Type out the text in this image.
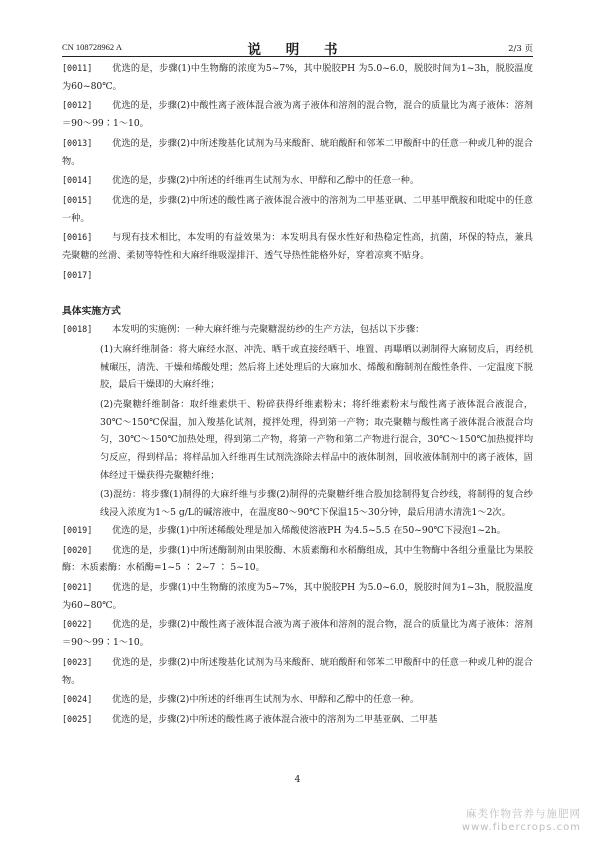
CN 108728962 A	说 明 书	2/3 页

[0011] 优选的是，步骤(1)中生物酶的浓度为5~7%，其中脱胶PH 为5.0~6.0，脱胶时间为1~3h，脱胶温度为60~80℃。

[0012] 优选的是，步骤(2)中酸性离子液体混合液为离子液体和溶剂的混合物，混合的质量比为离子液体：溶剂＝90～99∶1～10。

[0013] 优选的是，步骤(2)中所述羧基化试剂为马来酸酐、琥珀酸酐和邻苯二甲酸酐中的任意一种或几种的混合物。

[0014] 优选的是，步骤(2)中所述的纤维再生试剂为水、甲醇和乙醇中的任意一种。

[0015] 优选的是，步骤(2)中所述的酸性离子液体混合液中的溶剂为二甲基亚砜、二甲基甲酰胺和吡啶中的任意一种。

[0016] 与现有技术相比，本发明的有益效果为：本发明具有保水性好和热稳定性高，抗菌，环保的特点，兼具壳聚糖的丝滑、柔韧等特性和大麻纤维吸湿排汗、透气导热性能格外好，穿着凉爽不贴身。

[0017]

具体实施方式

[0018] 本发明的实施例：一种大麻纤维与壳聚糖混纺纱的生产方法，包括以下步骤：

(1)大麻纤维制备：将大麻经水沤、冲洗、晒干或直接经晒干、堆置、再曝晒以剥制得大麻韧皮后，再经机械碾压，清洗、干燥和烯酸处理；然后将上述处理后的大麻加水、烯酸和酶制剂在酸性条件、一定温度下脱胶，最后干燥即的大麻纤维；

(2)壳聚糖纤维制备：取纤维素烘干、粉碎获得纤维素粉末；将纤维素粉末与酸性离子液体混合液混合，30℃～150℃保温，加入羧基化试剂，搅拌处理，得到第一产物；取壳聚糖与酸性离子液体混合液混合均匀，30℃～150℃加热处理，得到第二产物，将第一产物和第二产物进行混合，30℃～150℃加热搅拌均匀反应，得到样品；将样品加入纤维再生试剂洗涤除去样品中的液体制剂，回收液体制剂中的离子液体，固体经过干燥获得壳聚糖纤维；

(3)混纺：将步骤(1)制得的大麻纤维与步骤(2)制得的壳聚糖纤维合股加捻制得复合纱线，将制得的复合纱线浸入浓度为1～5 g/L的碱溶液中，在温度80～90℃下保温15～30分钟，最后用清水清洗1～2次。

[0019] 优选的是，步骤(1)中所述稀酸处理是加入烯酸使溶液PH 为4.5~5.5 在50~90℃下浸泡1~2h。

[0020] 优选的是，步骤(1)中所述酶制剂由果胶酶、木质素酶和水稻酶组成，其中生物酶中各组分重量比为果胶酶：木质素酶：水稻酶=1~5 ∶ 2~7 ∶ 5~10。

[0021] 优选的是，步骤(1)中生物酶的浓度为5~7%，其中脱胶PH 为5.0~6.0，脱胶时间为1~3h，脱胶温度为60~80℃。

[0022] 优选的是，步骤(2)中酸性离子液体混合液为离子液体和溶剂的混合物，混合的质量比为离子液体：溶剂＝90～99∶1～10。

[0023] 优选的是，步骤(2)中所述羧基化试剂为马来酸酐、琥珀酸酐和邻苯二甲酸酐中的任意一种或几种的混合物。

[0024] 优选的是，步骤(2)中所述的纤维再生试剂为水、甲醇和乙醇中的任意一种。

[0025] 优选的是，步骤(2)中所述的酸性离子液体混合液中的溶剂为二甲基亚砜、二甲基

4
麻类作物营养与施肥网
www.fibercrops.com
